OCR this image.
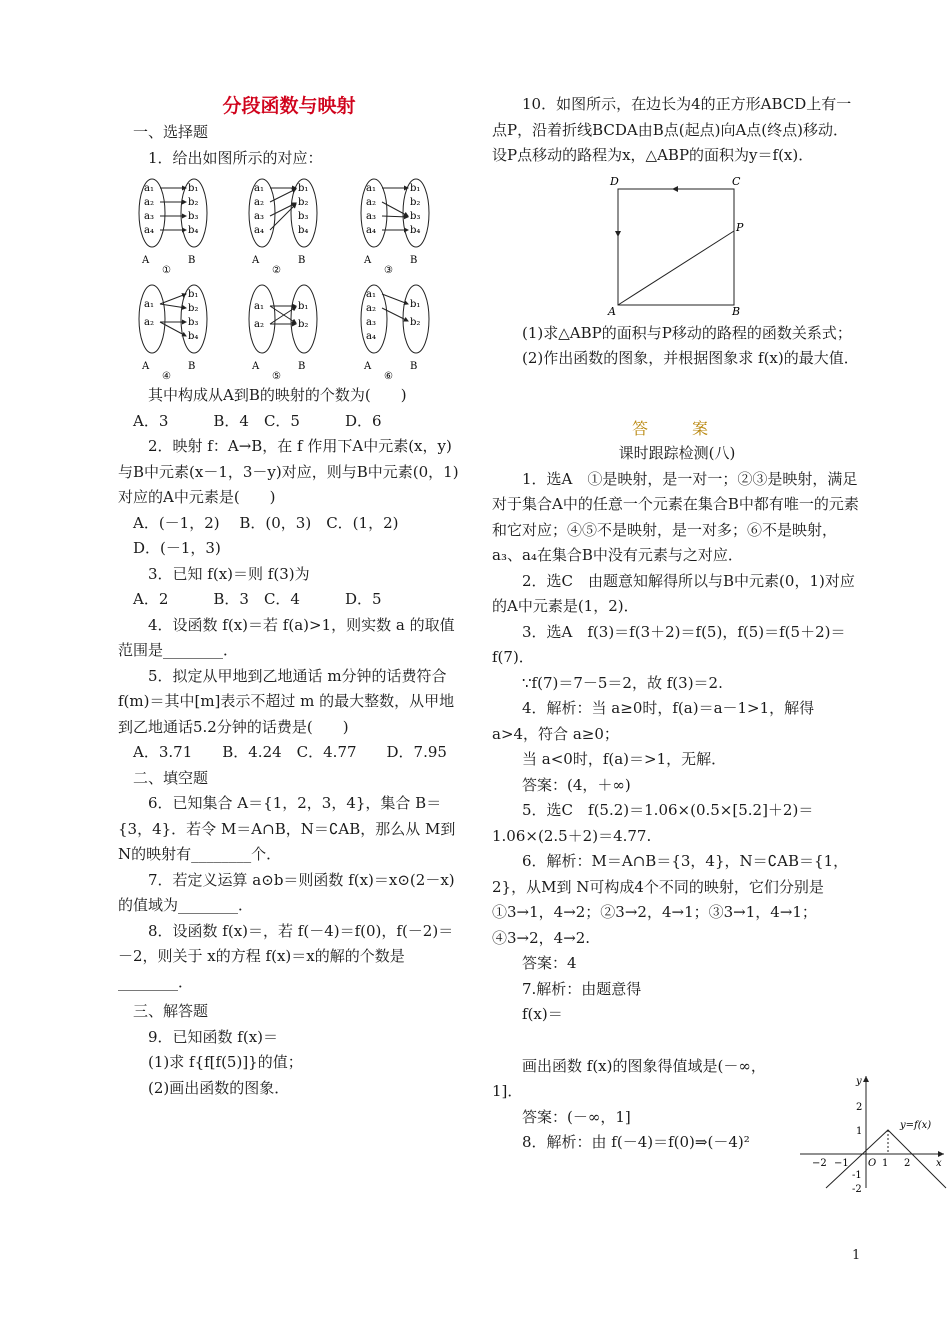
分段函数与映射

一、选择题

1．给出如图所示的对应：

a₁
a₂
a₃
a₄
b₁
b₂
b₃
b₄
A	B
①
a₁
a₂
a₃
a₄
b₁
b₂
b₃
b₄
A	B
②
a₁
a₂
a₃
a₄
b₁
b₂
b₃
b₄
A	B
③
a₁
a₂
b₁
b₂
b₃
b₄
A	B
④
a₁
a₂
b₁
b₂
A	B
⑤
a₁
a₂
a₃
a₄
b₁
b₂
A	B
⑥

其中构成从A到B的映射的个数为(　　)

A．3　　　B．4　C．5　　　D．6

2．映射 f：A→B，在 f 作用下A中元素(x，y)与B中元素(x－1，3－y)对应，则与B中元素(0，1)对应的A中元素是(　　)

A．(－1，2)　 B．(0，3)　C．(1，2)　　 D．(－1，3)

3．已知 f(x)＝则 f(3)为

A．2　　　B．3　C．4　　　D．5

4．设函数 f(x)＝若 f(a)>1，则实数 a 的取值范围是________．

5．拟定从甲地到乙地通话 m分钟的话费符合f(m)＝其中[m]表示不超过 m 的最大整数，从甲地到乙地通话5.2分钟的话费是(　　)

A．3.71　　B．4.24　C．4.77　　D．7.95

二、填空题

6．已知集合 A＝{1，2，3，4}，集合 B＝{3，4}．若令 M＝A∩B，N＝∁AB，那么从 M到 N的映射有________个．

7．若定义运算 a⊙b＝则函数 f(x)＝x⊙(2－x)的值域为________．

8．设函数 f(x)＝，若 f(－4)＝f(0)，f(－2)＝－2，则关于 x的方程 f(x)＝x的解的个数是________．

三、解答题

9．已知函数 f(x)＝

(1)求 f{f[f(5)]}的值；

(2)画出函数的图象．

10．如图所示，在边长为4的正方形ABCD上有一点P，沿着折线BCDA由B点(起点)向A点(终点)移动．设P点移动的路程为x，△ABP的面积为y＝f(x)．

D	C
P
A	B

(1)求△ABP的面积与P移动的路程的函数关系式；

(2)作出函数的图象，并根据图象求 f(x)的最大值．

答　案
课时跟踪检测(八)

1．选A　①是映射，是一对一；②③是映射，满足对于集合A中的任意一个元素在集合B中都有唯一的元素和它对应；④⑤不是映射，是一对多；⑥不是映射，a₃、a₄在集合B中没有元素与之对应．

2．选C　由题意知解得所以与B中元素(0，1)对应的A中元素是(1，2)．

3．选A　f(3)＝f(3＋2)＝f(5)，f(5)＝f(5＋2)＝f(7)．

∵f(7)＝7－5＝2，故 f(3)＝2.

4．解析：当 a≥0时，f(a)＝a－1>1，解得 a>4，符合 a≥0；

当 a<0时，f(a)＝>1，无解．

答案：(4，＋∞)

5．选C　f(5.2)＝1.06×(0.5×[5.2]＋2)＝1.06×(2.5＋2)＝4.77.

6．解析：M＝A∩B＝{3，4}，N＝∁AB＝{1，2}，从M到 N可构成4个不同的映射，它们分别是①3→1，4→2；②3→2，4→1；③3→1，4→1；④3→2，4→2.

答案：4

7.解析：由题意得

f(x)＝

画出函数 f(x)的图象得值域是(－∞，1]．

答案：(－∞，1]

8．解析：由 f(－4)＝f(0)⇒(－4)²

y
x
O
y=f(x)
2
1
-1
-2
−2 −1	1 2
1
